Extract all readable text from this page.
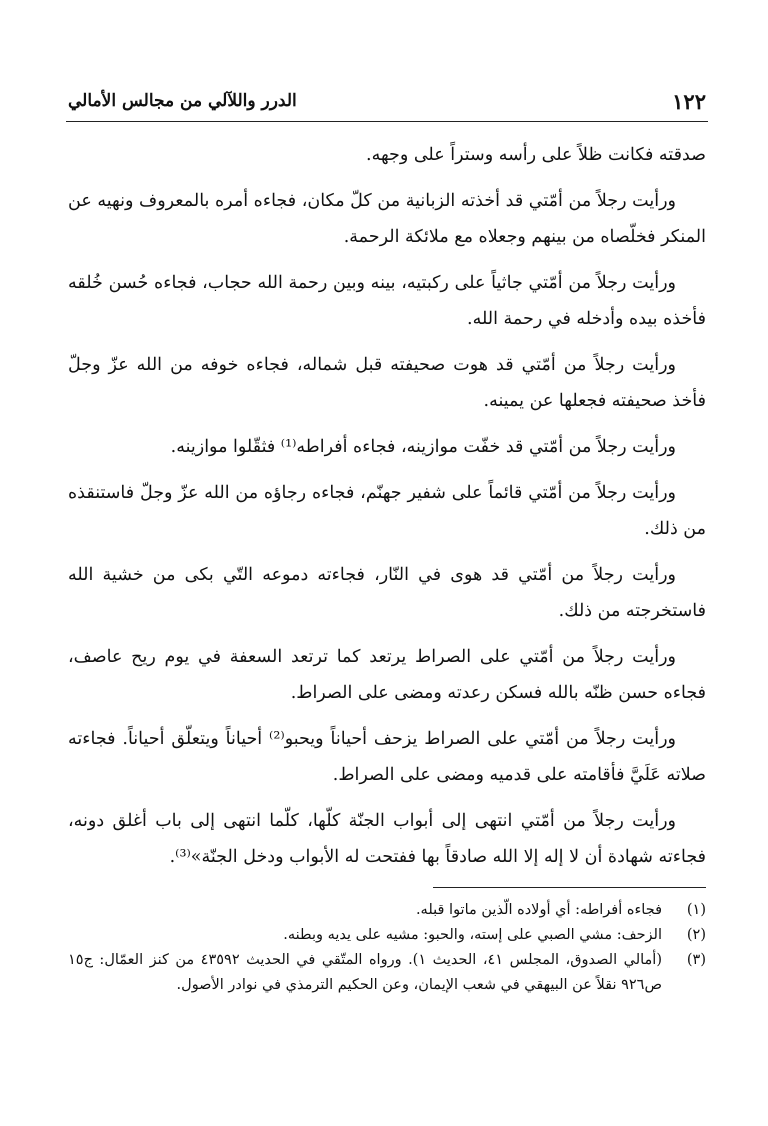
١٢٢
الدرر واللآلي من مجالس الأمالي

صدقته فكانت ظلاً على رأسه وستراً على وجهه.

ورأيت رجلاً من أمّتي قد أخذته الزبانية من كلّ مكان، فجاءه أمره بالمعروف ونهيه عن المنكر فخلّصاه من بينهم وجعلاه مع ملائكة الرحمة.

ورأيت رجلاً من أمّتي جاثياً على ركبتيه، بينه وبين رحمة الله حجاب، فجاءه حُسن خُلقه فأخذه بيده وأدخله في رحمة الله.

ورأيت رجلاً من أمّتي قد هوت صحيفته قبل شماله، فجاءه خوفه من الله عزّ وجلّ فأخذ صحيفته فجعلها عن يمينه.

ورأيت رجلاً من أمّتي قد خفّت موازينه، فجاءه أفراطه⁽¹⁾ فثقّلوا موازينه.

ورأيت رجلاً من أمّتي قائماً على شفير جهنّم، فجاءه رجاؤه من الله عزّ وجلّ فاستنقذه من ذلك.

ورأيت رجلاً من أمّتي قد هوى في النّار، فجاءته دموعه التّي بكى من خشية الله فاستخرجته من ذلك.

ورأيت رجلاً من أمّتي على الصراط يرتعد كما ترتعد السعفة في يوم ريح عاصف، فجاءه حسن ظنّه بالله فسكن رعدته ومضى على الصراط.

ورأيت رجلاً من أمّتي على الصراط يزحف أحياناً ويحبو⁽²⁾ أحياناً ويتعلّق أحياناً. فجاءته صلاته عَلَيَّ فأقامته على قدميه ومضى على الصراط.

ورأيت رجلاً من أمّتي انتهى إلى أبواب الجنّة كلّها، كلّما انتهى إلى باب أغلق دونه، فجاءته شهادة أن لا إله إلا الله صادقاً بها ففتحت له الأبواب ودخل الجنّة»⁽³⁾.

(١)
فجاءه أفراطه: أي أولاده الّذين ماتوا قبله.
(٢)
الزحف: مشي الصبي على إسته، والحبو: مشيه على يديه وبطنه.
(٣)
(أمالي الصدوق، المجلس ٤١، الحديث ١). ورواه المتّقي في الحديث ٤٣٥٩٢ من كنز العمّال: ج١٥ ص٩٢٦ نقلاً عن البيهقي في شعب الإيمان، وعن الحكيم الترمذي في نوادر الأصول.
